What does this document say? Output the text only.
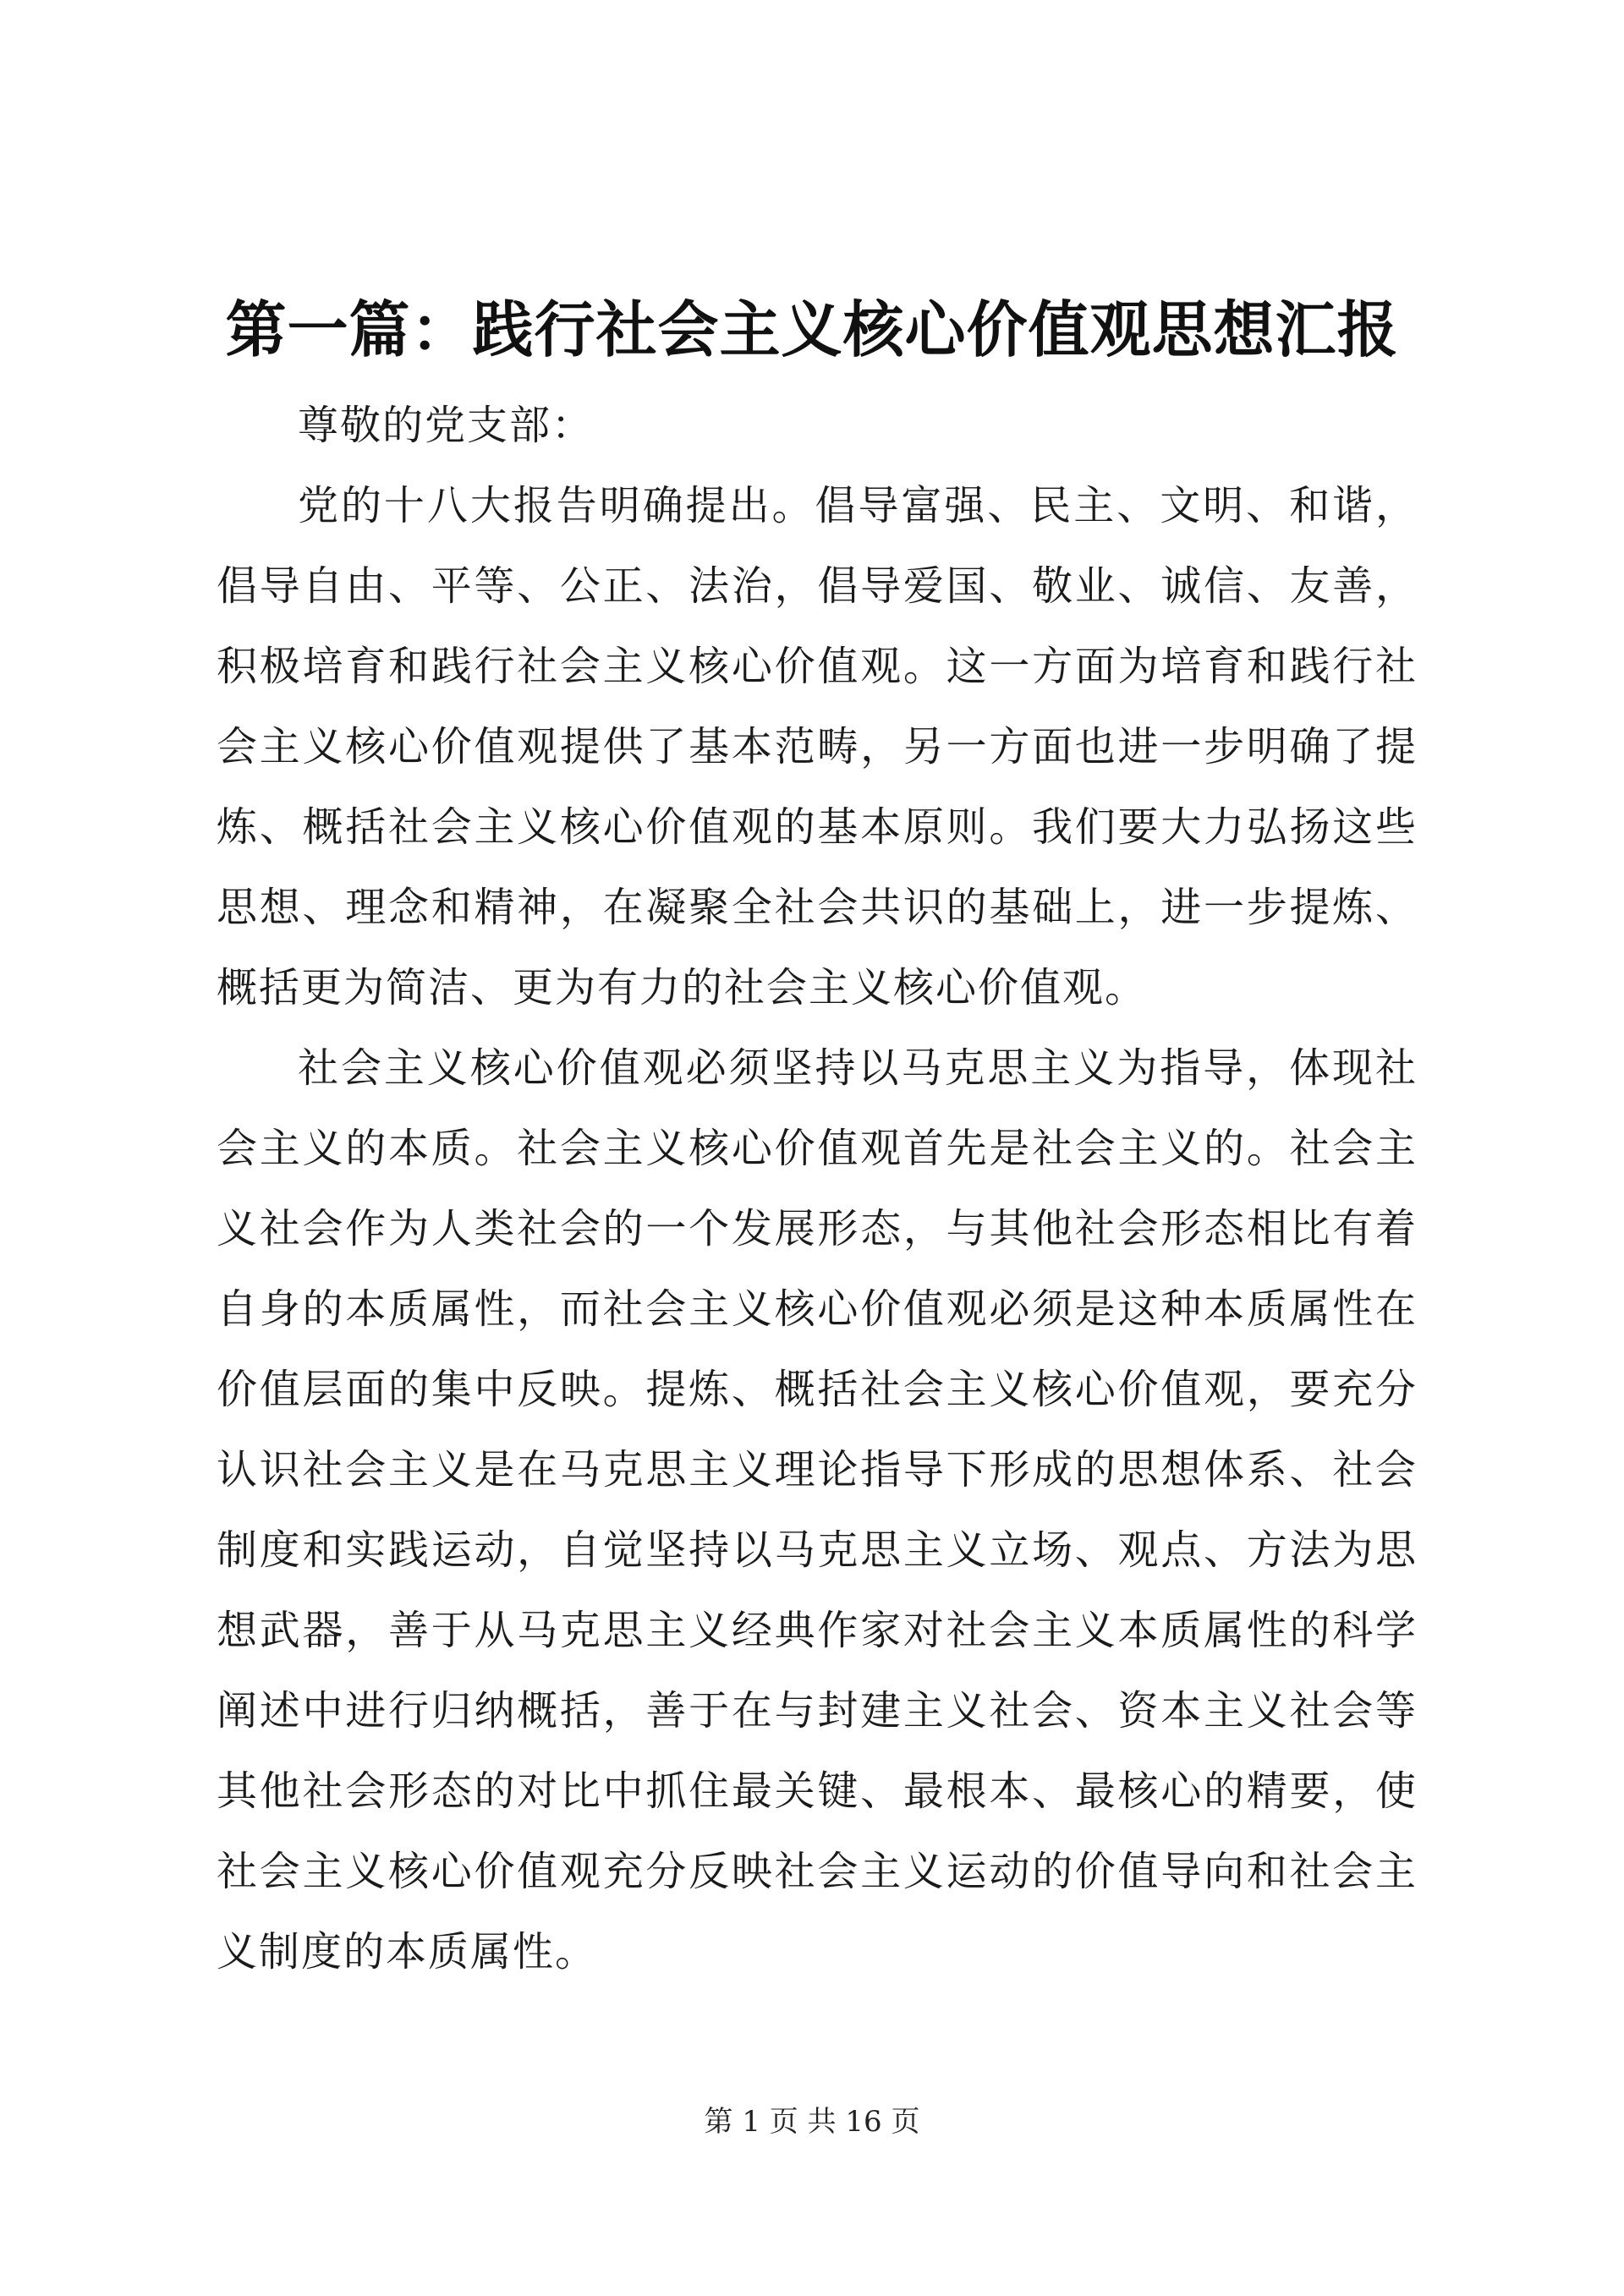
第一篇：践行社会主义核心价值观思想汇报

尊敬的党支部：

党的十八大报告明确提出。倡导富强、民主、文明、和谐，倡导自由、平等、公正、法治，倡导爱国、敬业、诚信、友善，积极培育和践行社会主义核心价值观。这一方面为培育和践行社会主义核心价值观提供了基本范畴，另一方面也进一步明确了提炼、概括社会主义核心价值观的基本原则。我们要大力弘扬这些思想、理念和精神，在凝聚全社会共识的基础上，进一步提炼、概括更为简洁、更为有力的社会主义核心价值观。

社会主义核心价值观必须坚持以马克思主义为指导，体现社会主义的本质。社会主义核心价值观首先是社会主义的。社会主义社会作为人类社会的一个发展形态，与其他社会形态相比有着自身的本质属性，而社会主义核心价值观必须是这种本质属性在价值层面的集中反映。提炼、概括社会主义核心价值观，要充分认识社会主义是在马克思主义理论指导下形成的思想体系、社会制度和实践运动，自觉坚持以马克思主义立场、观点、方法为思想武器，善于从马克思主义经典作家对社会主义本质属性的科学阐述中进行归纳概括，善于在与封建主义社会、资本主义社会等其他社会形态的对比中抓住最关键、最根本、最核心的精要，使社会主义核心价值观充分反映社会主义运动的价值导向和社会主义制度的本质属性。

第 1 页 共 16 页
